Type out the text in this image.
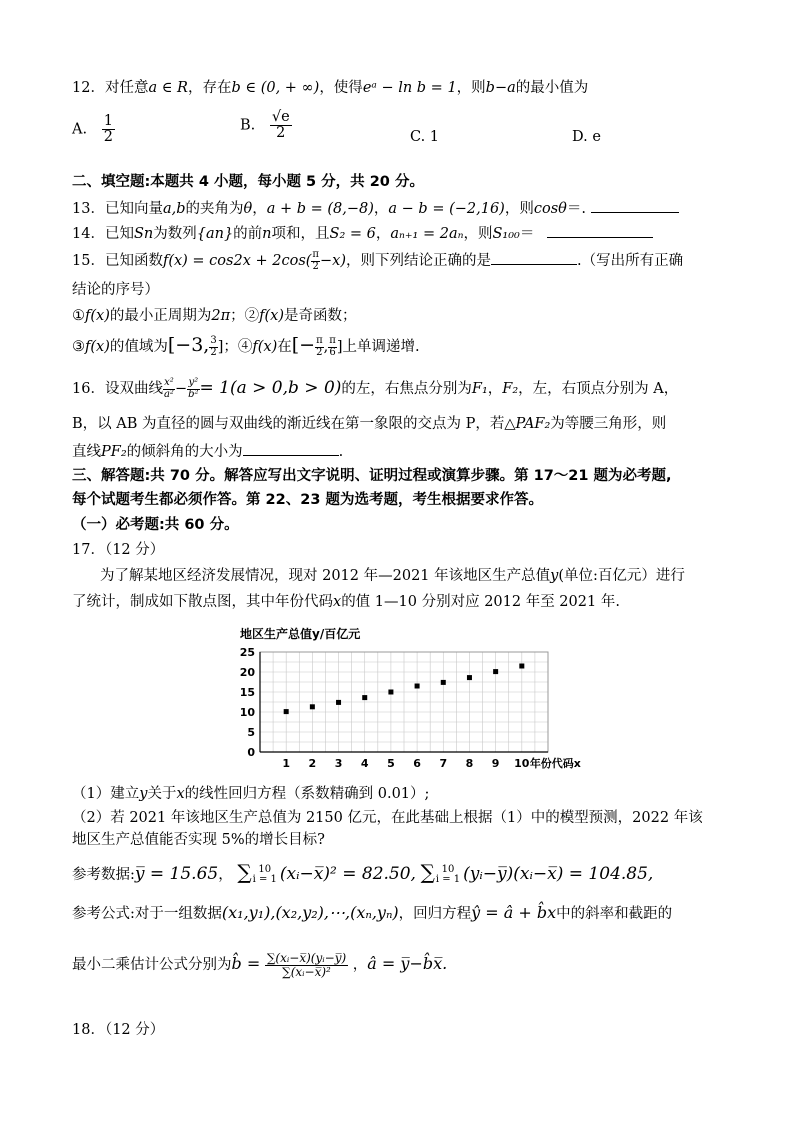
12．对任意a ∈ R，存在b ∈ (0, + ∞)，使得eᵃ − ln b = 1，则b−a的最小值为
A. $\frac{1}{2}$	B. $\frac{√e}{2}$	C. 1	D. e
二、填空题:本题共 4 小题，每小题 5 分，共 20 分。
13．已知向量a,b的夹角为θ，a + b = (8,−8)，a − b = (−2,16)，则cosθ＝.
14．已知Sn为数列{an}的前n项和，且S₂ = 6，aₙ₊₁ = 2aₙ，则S₁₀₀＝
15．已知函数$f(x) = \cos 2x + 2\cos( \frac{\pi}{2} -x)$，则下列结论正确的是	.（写出所有正确
结论的序号）
①f(x)的最小正周期为2π；②f(x)是奇函数；
③f(x)的值域为[−3, $\frac{3}{2}$ ]；④f(x)在[− $\frac{\pi}{2}$ , $\frac{\pi}{6}$ ]上单调递增.
16．设双曲线 $\frac{\text{x²}}{\text{a²}} - \frac{\text{y²}}{\text{b²}} = 1(a > 0,b > 0)$的左，右焦点分别为F₁，F₂，左，右顶点分别为 A，
B，以 AB 为直径的圆与双曲线的渐近线在第一象限的交点为 P，若△PAF₂为等腰三角形，则
直线PF₂的倾斜角的大小为	.
三、解答题:共 70 分。解答应写出文字说明、证明过程或演算步骤。第 17～21 题为必考题,
每个试题考生都必须作答。第 22、23 题为选考题，考生根据要求作答。
（一）必考题:共 60 分。
17．（12 分）
为了解某地区经济发展情况，现对 2012 年—2021 年该地区生产总值y(单位:百亿元）进行
了统计，制成如下散点图，其中年份代码x的值 1—10 分别对应 2012 年至 2021 年.
地区生产总值y/百亿元
0
5
10
15
20
25
1 2 3 4 5 6 7 8 9 10 年份代码x
（1）建立y关于x的线性回归方程（系数精确到 0.01）;
（2）若 2021 年该地区生产总值为 2150 亿元，在此基础上根据（1）中的模型预测，2022 年该
地区生产总值能否实现 5%的增长目标?
参考数据:y̅ = 15.65， ∑ 10
i = 1 (xᵢ−x̅)² = 82.50, ∑ 10
i = 1 (yᵢ−y̅)(xᵢ−x̅) = 104.85,
参考公式:对于一组数据(x₁,y₁),(x₂,y₂),⋯,(xₙ,yₙ)，回归方程ŷ = â + b̂x中的斜率和截距的
最小二乘估计公式分别为b̂ = $\frac{\text{∑(xᵢ−x̅)(yᵢ−y̅)}}{\text{∑(xᵢ−x̅)²}}$ ，â = y̅−b̂x̅.
18．（12 分）
